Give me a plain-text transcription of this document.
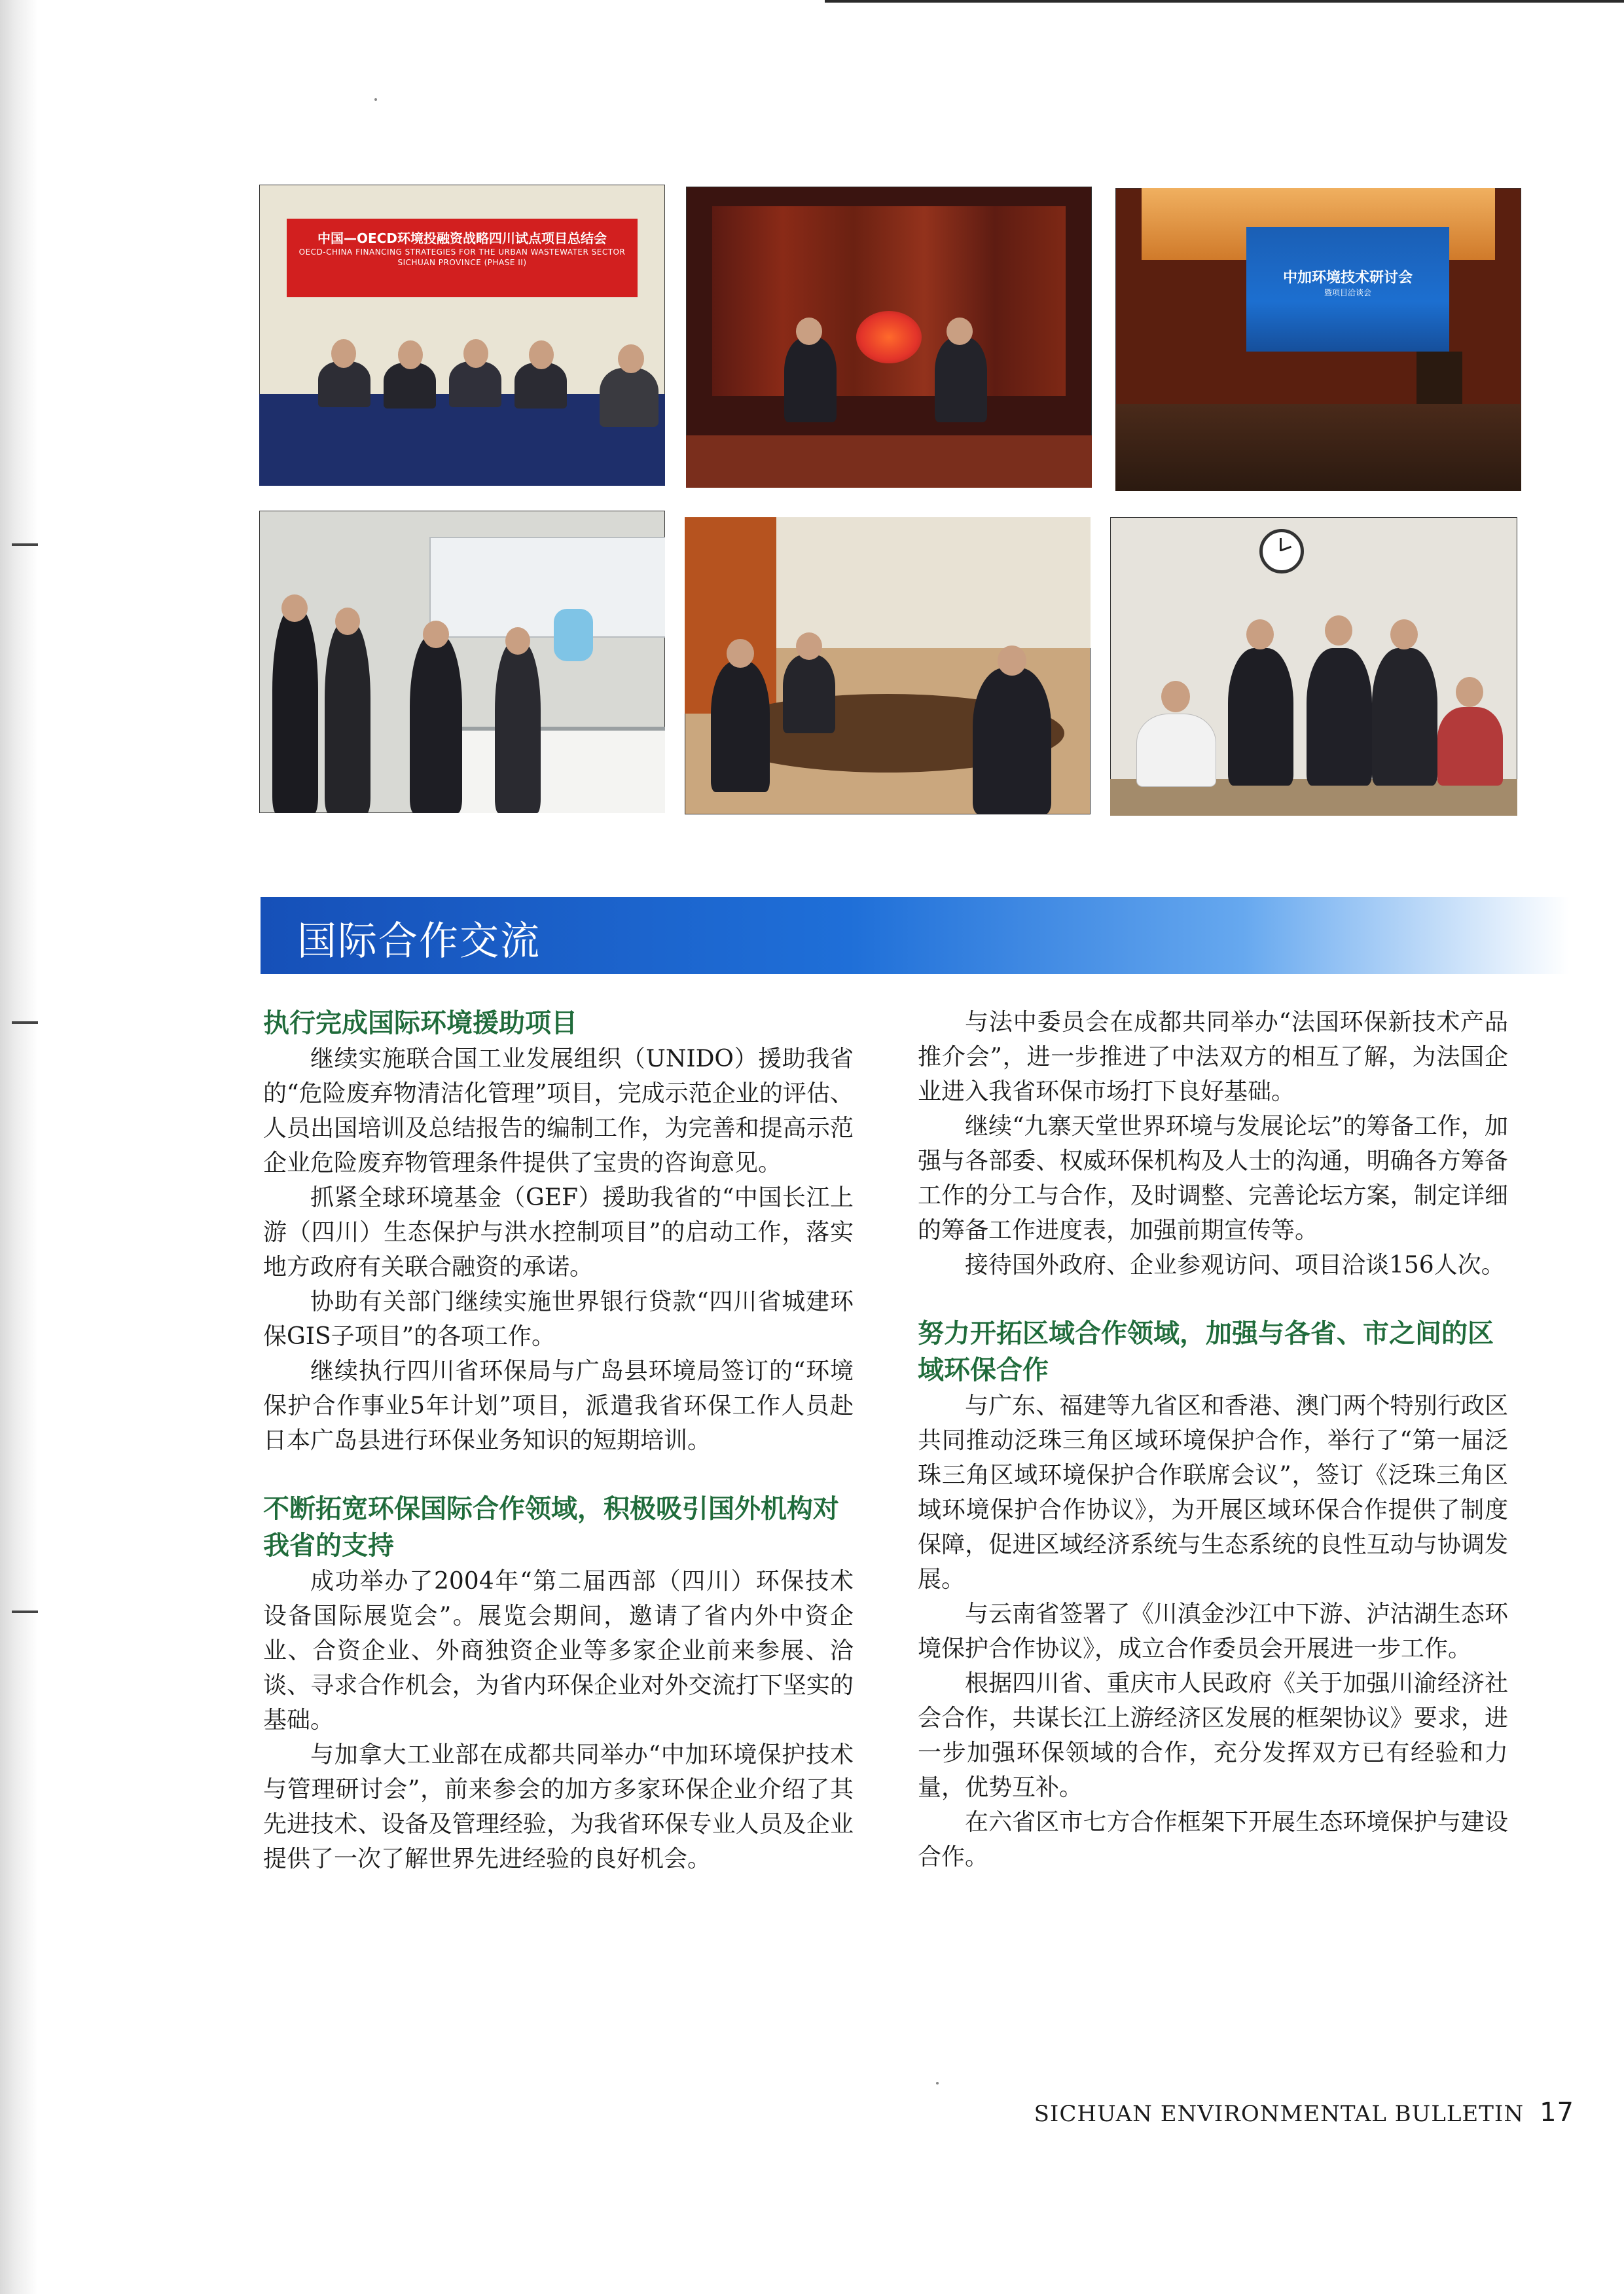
中国—OECD环境投融资战略四川试点项目总结会
OECD-CHINA FINANCING STRATEGIES FOR THE URBAN WASTEWATER SECTOR
SICHUAN PROVINCE (PHASE II)
中加环境技术研讨会
暨项目洽谈会
国际合作交流
执行完成国际环境援助项目

继续实施联合国工业发展组织（UNIDO）援助我省的“危险废弃物清洁化管理”项目，完成示范企业的评估、人员出国培训及总结报告的编制工作，为完善和提高示范企业危险废弃物管理条件提供了宝贵的咨询意见。

抓紧全球环境基金（GEF）援助我省的“中国长江上游（四川）生态保护与洪水控制项目”的启动工作，落实地方政府有关联合融资的承诺。

协助有关部门继续实施世界银行贷款“四川省城建环保GIS子项目”的各项工作。

继续执行四川省环保局与广岛县环境局签订的“环境保护合作事业5年计划”项目，派遣我省环保工作人员赴日本广岛县进行环保业务知识的短期培训。

不断拓宽环保国际合作领域，积极吸引国外机构对我省的支持

成功举办了2004年“第二届西部（四川）环保技术设备国际展览会”。展览会期间，邀请了省内外中资企业、合资企业、外商独资企业等多家企业前来参展、洽谈、寻求合作机会，为省内环保企业对外交流打下坚实的基础。

与加拿大工业部在成都共同举办“中加环境保护技术与管理研讨会”，前来参会的加方多家环保企业介绍了其先进技术、设备及管理经验，为我省环保专业人员及企业提供了一次了解世界先进经验的良好机会。

与法中委员会在成都共同举办“法国环保新技术产品推介会”，进一步推进了中法双方的相互了解，为法国企业进入我省环保市场打下良好基础。

继续“九寨天堂世界环境与发展论坛”的筹备工作，加强与各部委、权威环保机构及人士的沟通，明确各方筹备工作的分工与合作，及时调整、完善论坛方案，制定详细的筹备工作进度表，加强前期宣传等。

接待国外政府、企业参观访问、项目洽谈156人次。

努力开拓区域合作领域，加强与各省、市之间的区域环保合作

与广东、福建等九省区和香港、澳门两个特别行政区共同推动泛珠三角区域环境保护合作，举行了“第一届泛珠三角区域环境保护合作联席会议”，签订《泛珠三角区域环境保护合作协议》，为开展区域环保合作提供了制度保障，促进区域经济系统与生态系统的良性互动与协调发展。

与云南省签署了《川滇金沙江中下游、泸沽湖生态环境保护合作协议》，成立合作委员会开展进一步工作。

根据四川省、重庆市人民政府《关于加强川渝经济社会合作，共谋长江上游经济区发展的框架协议》要求，进一步加强环保领域的合作，充分发挥双方已有经验和力量，优势互补。

在六省区市七方合作框架下开展生态环境保护与建设合作。

SICHUAN ENVIRONMENTAL BULLETIN 17
